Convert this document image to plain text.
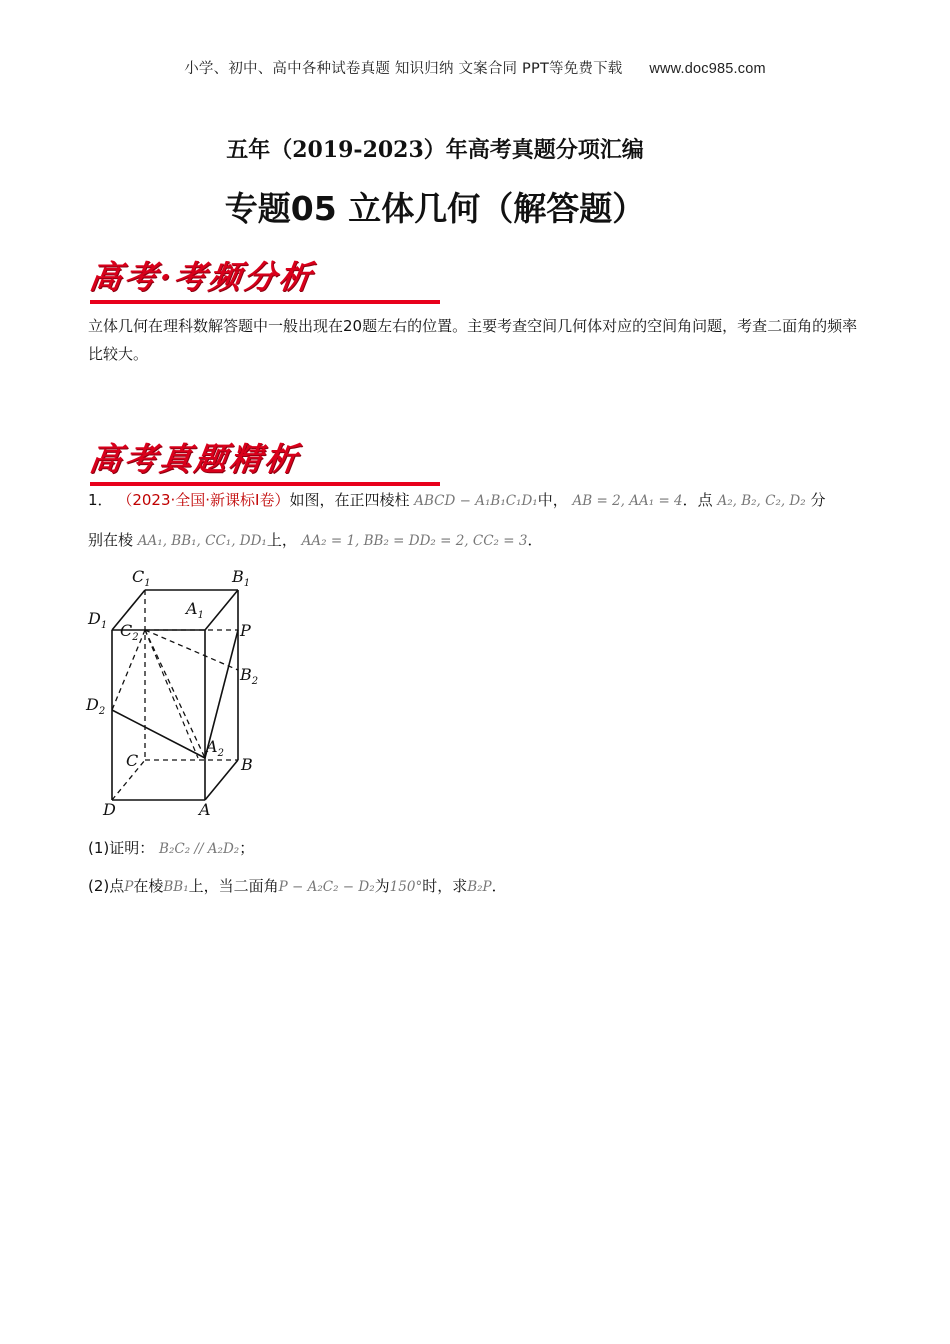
小学、初中、高中各种试卷真题 知识归纳 文案合同 PPT等免费下载 www.doc985.com
五年（2019-2023）年高考真题分项汇编
专题05 立体几何（解答题）
高考·考频分析
立体几何在理科数解答题中一般出现在20题左右的位置。主要考查空间几何体对应的空间角问题，考查二面角的频率比较大。
高考真题精析
1． （2023·全国·新课标Ⅰ卷）如图，在正四棱柱 ABCD − A₁B₁C₁D₁中， AB = 2, AA₁ = 4．点 A₂, B₂, C₂, D₂ 分
别在棱 AA₁, BB₁, CC₁, DD₁上， AA₂ = 1, BB₂ = DD₂ = 2, CC₂ = 3．
$C_1$	$B_1$
$A_1$
$D_1$ $C_2$	P
$B_2$
$D_2$
$A_2$
C	B
D	A
(1)证明： B₂C₂ // A₂D₂；
(2)点P在棱BB₁上，当二面角P − A₂C₂ − D₂为150°时，求B₂P．
